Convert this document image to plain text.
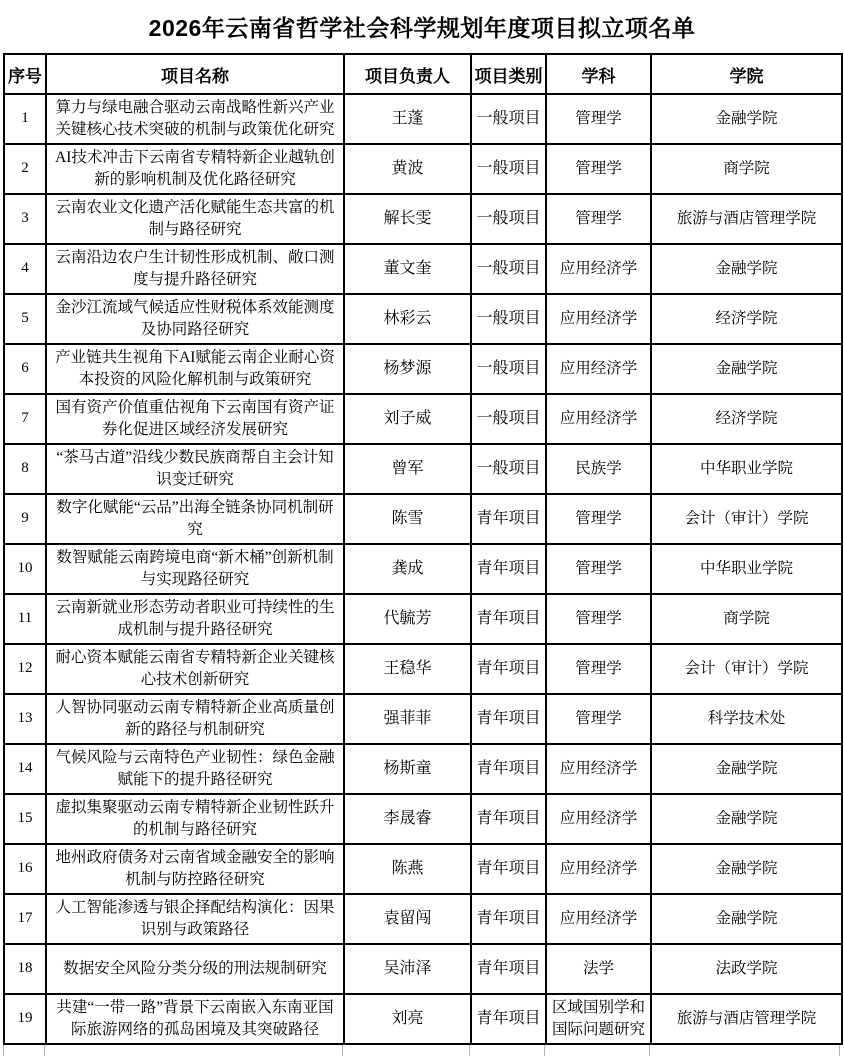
2026年云南省哲学社会科学规划年度项目拟立项名单
序号	项目名称	项目负责人	项目类别	学科	学院
1	算力与绿电融合驱动云南战略性新兴产业关键核心技术突破的机制与政策优化研究	王蓬	一般项目	管理学	金融学院
2	AI技术冲击下云南省专精特新企业越轨创新的影响机制及优化路径研究	黄波	一般项目	管理学	商学院
3	云南农业文化遗产活化赋能生态共富的机制与路径研究	解长雯	一般项目	管理学	旅游与酒店管理学院
4	云南沿边农户生计韧性形成机制、敞口测度与提升路径研究	董文奎	一般项目	应用经济学	金融学院
5	金沙江流域气候适应性财税体系效能测度及协同路径研究	林彩云	一般项目	应用经济学	经济学院
6	产业链共生视角下AI赋能云南企业耐心资本投资的风险化解机制与政策研究	杨梦源	一般项目	应用经济学	金融学院
7	国有资产价值重估视角下云南国有资产证券化促进区域经济发展研究	刘子威	一般项目	应用经济学	经济学院
8	“茶马古道”沿线少数民族商帮自主会计知识变迁研究	曾军	一般项目	民族学	中华职业学院
9	数字化赋能“云品”出海全链条协同机制研究	陈雪	青年项目	管理学	会计（审计）学院
10	数智赋能云南跨境电商“新木桶”创新机制与实现路径研究	龚成	青年项目	管理学	中华职业学院
11	云南新就业形态劳动者职业可持续性的生成机制与提升路径研究	代毓芳	青年项目	管理学	商学院
12	耐心资本赋能云南省专精特新企业关键核心技术创新研究	王稳华	青年项目	管理学	会计（审计）学院
13	人智协同驱动云南专精特新企业高质量创新的路径与机制研究	强菲菲	青年项目	管理学	科学技术处
14	气候风险与云南特色产业韧性：绿色金融赋能下的提升路径研究	杨斯童	青年项目	应用经济学	金融学院
15	虚拟集聚驱动云南专精特新企业韧性跃升的机制与路径研究	李晟睿	青年项目	应用经济学	金融学院
16	地州政府债务对云南省域金融安全的影响机制与防控路径研究	陈燕	青年项目	应用经济学	金融学院
17	人工智能渗透与银企择配结构演化：因果识别与政策路径	袁留闯	青年项目	应用经济学	金融学院
18	数据安全风险分类分级的刑法规制研究	吴沛泽	青年项目	法学	法政学院
19	共建“一带一路”背景下云南嵌入东南亚国际旅游网络的孤岛困境及其突破路径	刘亮	青年项目	区域国别学和国际问题研究	旅游与酒店管理学院
